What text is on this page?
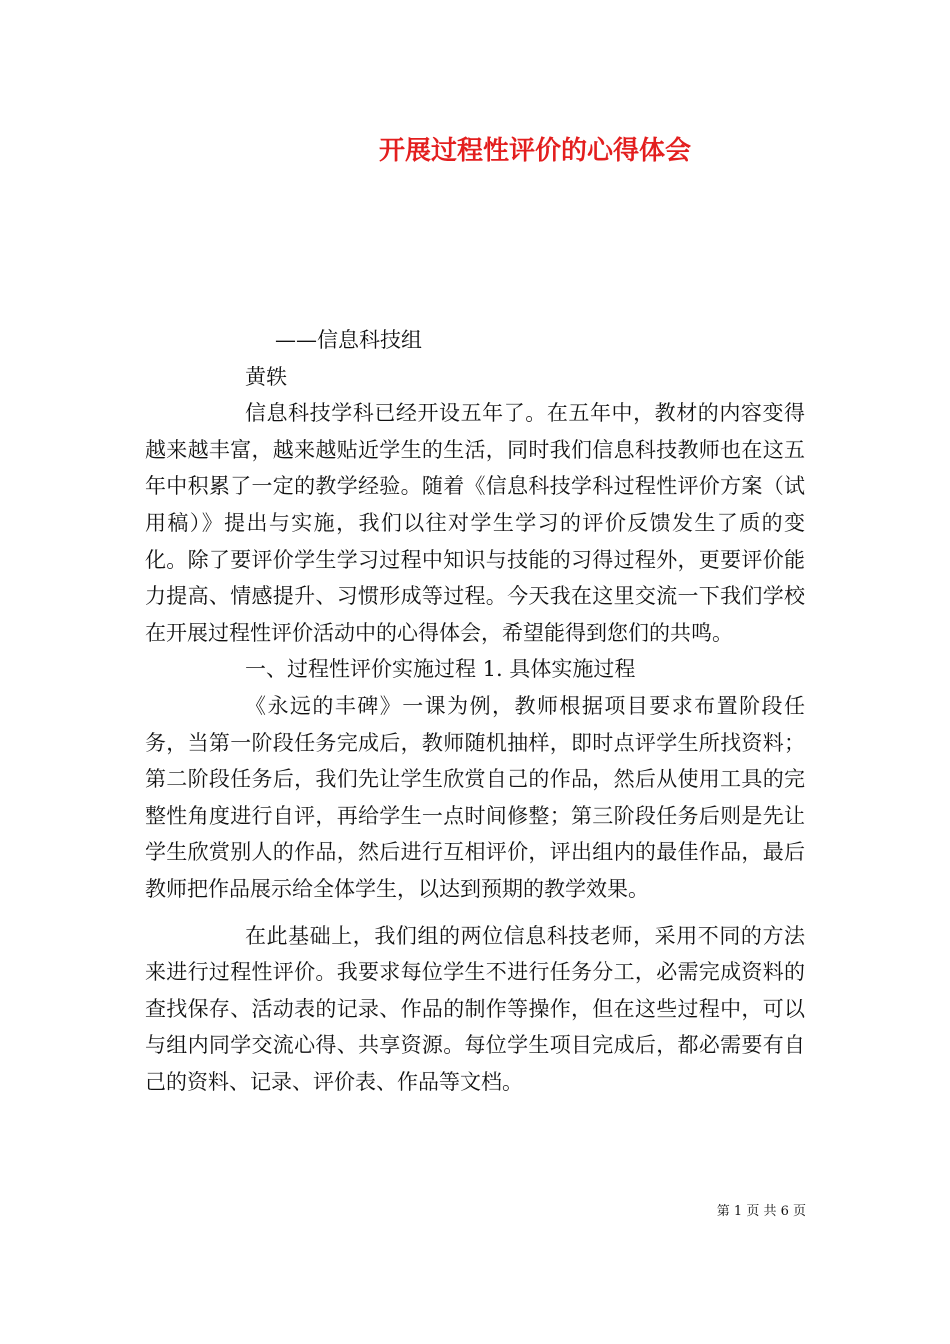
开展过程性评价的心得体会

——信息科技组

黄轶

信息科技学科已经开设五年了。在五年中，教材的内容变得越来越丰富，越来越贴近学生的生活，同时我们信息科技教师也在这五年中积累了一定的教学经验。随着《信息科技学科过程性评价方案（试用稿）》提出与实施，我们以往对学生学习的评价反馈发生了质的变化。除了要评价学生学习过程中知识与技能的习得过程外，更要评价能力提高、情感提升、习惯形成等过程。今天我在这里交流一下我们学校在开展过程性评价活动中的心得体会，希望能得到您们的共鸣。

一、过程性评价实施过程 1. 具体实施过程

《永远的丰碑》一课为例，教师根据项目要求布置阶段任务，当第一阶段任务完成后，教师随机抽样，即时点评学生所找资料；第二阶段任务后，我们先让学生欣赏自己的作品，然后从使用工具的完整性角度进行自评，再给学生一点时间修整；第三阶段任务后则是先让学生欣赏别人的作品，然后进行互相评价，评出组内的最佳作品，最后教师把作品展示给全体学生，以达到预期的教学效果。

在此基础上，我们组的两位信息科技老师，采用不同的方法来进行过程性评价。我要求每位学生不进行任务分工，必需完成资料的查找保存、活动表的记录、作品的制作等操作，但在这些过程中，可以与组内同学交流心得、共享资源。每位学生项目完成后，都必需要有自己的资料、记录、评价表、作品等文档。

第 1 页 共 6 页
